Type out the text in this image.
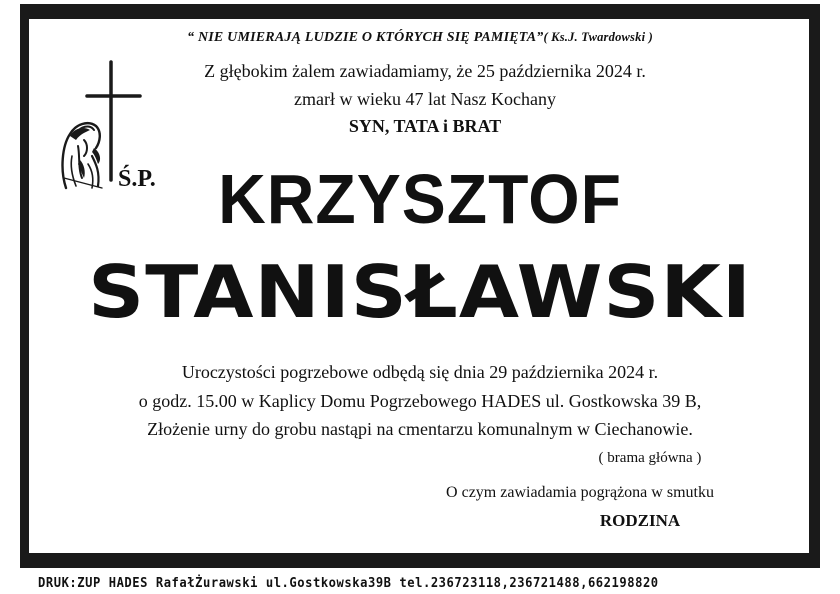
“ NIE UMIERAJĄ LUDZIE O KTÓRYCH SIĘ PAMIĘTA”( Ks.J. Twardowski )
Z głębokim żalem zawiadamiamy, że 25 października 2024 r.
zmarł w wieku 47 lat Nasz Kochany
SYN, TATA i BRAT
Ś.P. KRZYSZTOF
STANISŁAWSKI
Uroczystości pogrzebowe odbędą się dnia 29 października 2024 r.
o godz. 15.00 w Kaplicy Domu Pogrzebowego HADES ul. Gostkowska 39 B,
Złożenie urny do grobu nastąpi na cmentarzu komunalnym w Ciechanowie.
( brama główna )
O czym zawiadamia pogrążona w smutku
RODZINA
DRUK:ZUP HADES RafałŻurawski ul.Gostkowska39B tel.236723118,236721488,662198820
